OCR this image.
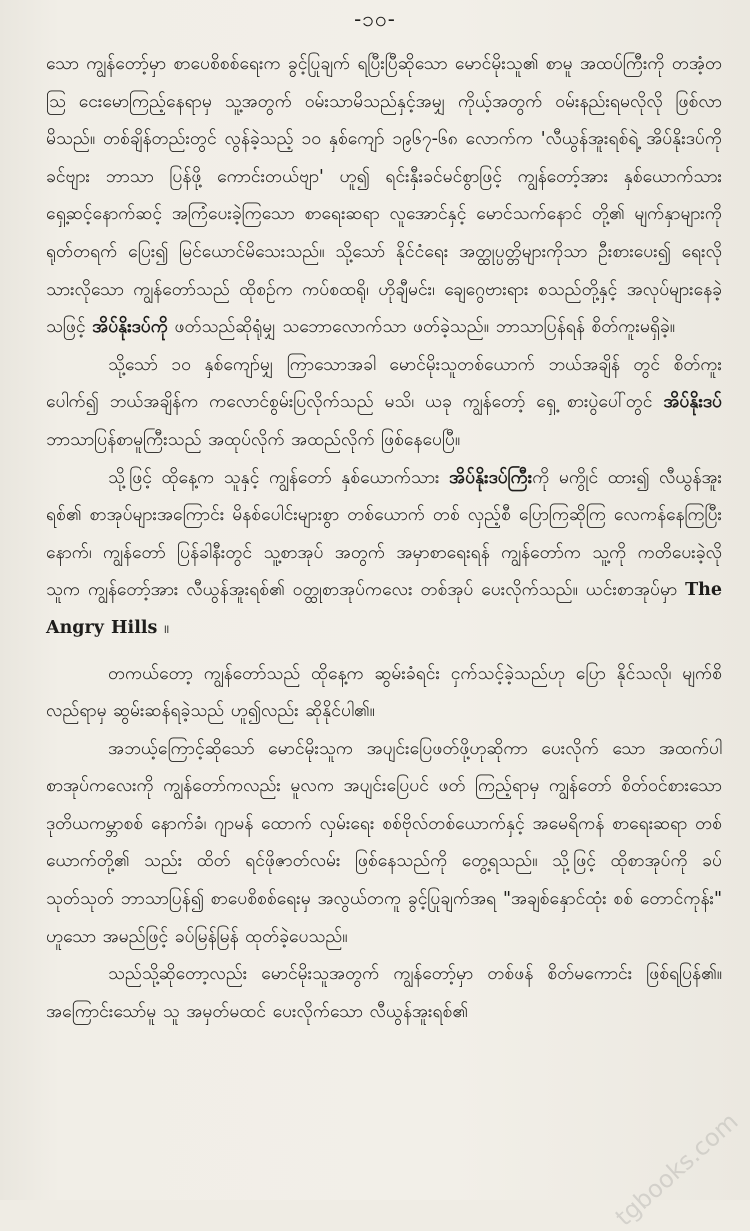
-၁၀-

သော ကျွန်တော့်မှာ စာပေစိစစ်ရေးက ခွင့်ပြုချက် ရပြီးပြီဆိုသော မောင်မိုးသူ၏ စာမူ အထပ်ကြီးကို တအံ့တသြ ငေးမောကြည့်နေရာမှ သူ့အတွက် ဝမ်းသာမိသည်နှင့်အမျှ ကိုယ့်အတွက် ဝမ်းနည်းရမလိုလို ဖြစ်လာမိသည်။ တစ်ချိန်တည်းတွင် လွန်ခဲ့သည့် ၁၀ နှစ်ကျော် ၁၉၆၇-၆၈ လောက်က 'လီယွန်အူးရစ်ရဲ့ အိပ်နိုးဒပ်ကို ခင်ဗျား ဘာသာ ပြန်ဖို့ ကောင်းတယ်ဗျာ' ဟူ၍ ရင်းနှီးခင်မင်စွာဖြင့် ကျွန်တော့်အား နှစ်ယောက်သား ရှေ့ဆင့်နောက်ဆင့် အကြံပေးခဲ့ကြသော စာရေးဆရာ လူအောင်နှင့် မောင်သက်နောင် တို့၏ မျက်နှာများကို ရုတ်တရက် ပြေး၍ မြင်ယောင်မိသေးသည်။ သို့သော် နိုင်ငံရေး အတ္ထုပ္ပတ္တိများကိုသာ ဦးစားပေး၍ ရေးလို သားလိုသော ကျွန်တော်သည် ထိုစဉ်က ကပ်စထရို၊ ဟိုချီမင်း၊ ချေဂွေဗားရား စသည်တို့နှင့် အလုပ်များနေခဲ့သဖြင့် အိပ်နိုးဒပ်ကို ဖတ်သည်ဆိုရုံမျှ သဘောလောက်သာ ဖတ်ခဲ့သည်။ ဘာသာပြန်ရန် စိတ်ကူးမရှိခဲ့။

သို့သော် ၁၀ နှစ်ကျော်မျှ ကြာသောအခါ မောင်မိုးသူတစ်ယောက် ဘယ်အချိန် တွင် စိတ်ကူးပေါက်၍ ဘယ်အချိန်က ကလောင်စွမ်းပြလိုက်သည် မသိ၊ ယခု ကျွန်တော့် ရှေ့ စားပွဲပေါ်တွင် အိပ်နိုးဒပ် ဘာသာပြန်စာမူကြီးသည် အထုပ်လိုက် အထည်လိုက် ဖြစ်နေပေပြီ။

သို့ဖြင့် ထိုနေ့က သူနှင့် ကျွန်တော် နှစ်ယောက်သား အိပ်နိုးဒပ်ကြီးကို မကွိုင် ထား၍ လီယွန်အူးရစ်၏ စာအုပ်များအကြောင်း မိနစ်ပေါင်းများစွာ တစ်ယောက် တစ် လှည့်စီ ပြောကြဆိုကြ လေကန်နေကြပြီးနောက်၊ ကျွန်တော် ပြန်ခါနီးတွင် သူ့စာအုပ် အတွက် အမှာစာရေးရန် ကျွန်တော်က သူ့ကို ကတိပေးခဲ့လို သူက ကျွန်တော့်အား လီယွန်အူးရစ်၏ ဝတ္ထုစာအုပ်ကလေး တစ်အုပ် ပေးလိုက်သည်။ ယင်းစာအုပ်မှာ The Angry Hills ။

တကယ်တော့ ကျွန်တော်သည် ထိုနေ့က ဆွမ်းခံရင်း ငှက်သင့်ခဲ့သည်ဟု ပြော နိုင်သလို၊ မျက်စိလည်ရာမှ ဆွမ်းဆန်ရခဲ့သည် ဟူ၍လည်း ဆိုနိုင်ပါ၏။

အဘယ့်ကြောင့်ဆိုသော် မောင်မိုးသူက အပျင်းပြေဖတ်ဖို့ဟုဆိုကာ ပေးလိုက် သော အထက်ပါ စာအုပ်ကလေးကို ကျွန်တော်ကလည်း မူလက အပျင်းပြေပင် ဖတ် ကြည့်ရာမှ ကျွန်တော် စိတ်ဝင်စားသော ဒုတိယကမ္ဘာစစ် နောက်ခံ၊ ဂျာမန် ထောက် လှမ်းရေး စစ်ဗိုလ်တစ်ယောက်နှင့် အမေရိကန် စာရေးဆရာ တစ်ယောက်တို့၏ သည်း ထိတ် ရင်ဖိုဇာတ်လမ်း ဖြစ်နေသည်ကို တွေ့ရသည်။ သို့ဖြင့် ထိုစာအုပ်ကို ခပ်သုတ်သုတ် ဘာသာပြန်၍ စာပေစိစစ်ရေးမှ အလွယ်တကူ ခွင့်ပြုချက်အရ "အချစ်နှောင်ထုံး စစ် တောင်ကုန်း" ဟူသော အမည်ဖြင့် ခပ်မြန်မြန် ထုတ်ခဲ့ပေသည်။

သည်သို့ဆိုတော့လည်း မောင်မိုးသူအတွက် ကျွန်တော့်မှာ တစ်ဖန် စိတ်မကောင်း ဖြစ်ရပြန်၏။ အကြောင်းသော်မူ သူ အမှတ်မထင် ပေးလိုက်သော လီယွန်အူးရစ်၏

tgbooks.com
